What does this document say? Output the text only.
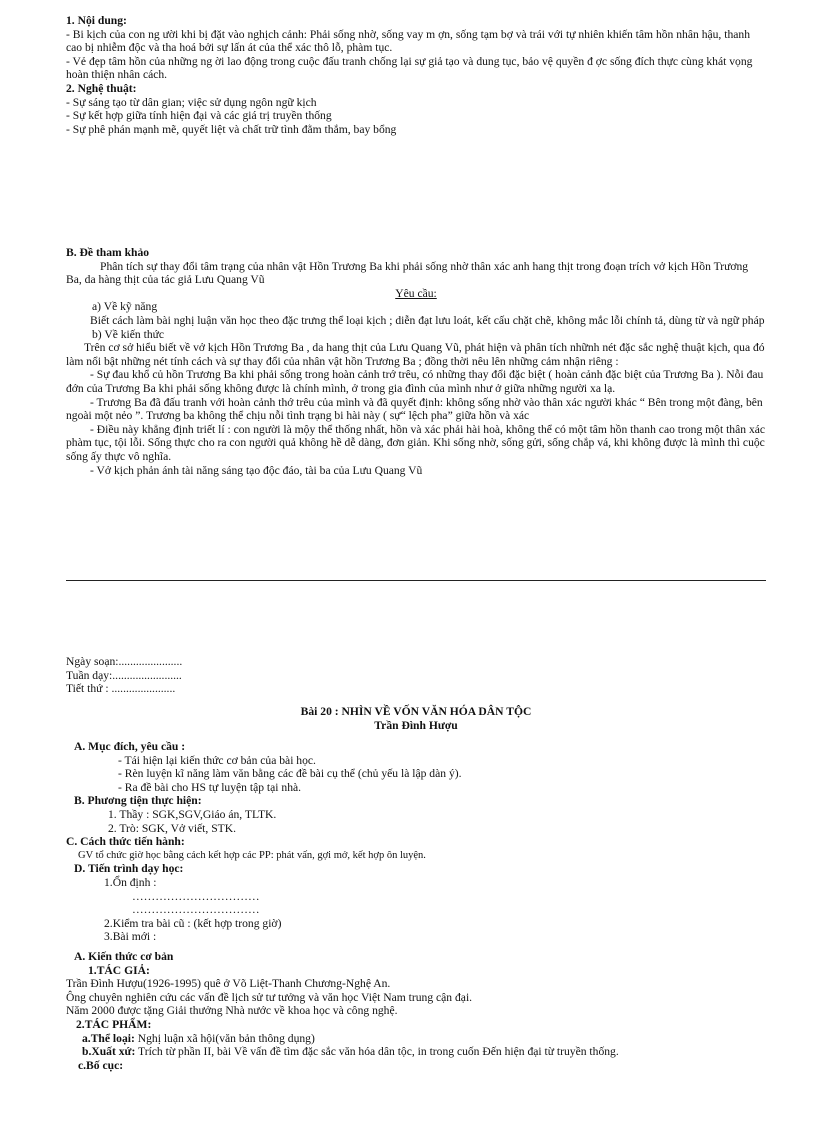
1. Nội dung:

- Bi kịch của con ng ười khi bị đặt vào nghịch cảnh: Phải sống nhờ, sống vay m ợn, sống tạm bợ và trái với tự nhiên khiến tâm hồn nhân hậu, thanh cao bị nhiễm độc và tha hoá bởi sự lấn át của thể xác thô lỗ, phàm tục.

- Vẻ đẹp tâm hồn của những ng ời lao động trong cuộc đấu tranh chống lại sự giả tạo và dung tục, bảo vệ quyền đ ợc sống đích thực cùng khát vọng hoàn thiện nhân cách.

2. Nghệ thuật:

- Sự sáng tạo từ dân gian; việc sử dụng ngôn ngữ kịch

- Sự kết hợp giữa tính hiện đại và các giá trị truyền thống

- Sự phê phán mạnh mẽ, quyết liệt và chất trữ tình đằm thắm, bay bổng

B. Đề tham khảo

Phân tích sự thay đổi tâm trạng của nhân vật Hồn Trương Ba khi phải sống nhờ thân xác anh hang thịt trong đoạn trích vở kịch Hồn Trương Ba, da hàng thịt của tác giả Lưu Quang Vũ

Yêu cầu:

a) Về kỹ năng

Biết cách làm bài nghị luận văn học theo đặc trưng thể loại kịch ; diễn đạt lưu loát, kết cấu chặt chẽ, không mắc lỗi chính tả, dùng từ và ngữ pháp

b) Về kiến thức

Trên cơ sở hiểu biết về vở kịch Hồn Trương Ba , da hang thịt của Lưu Quang Vũ, phát hiện và phân tích nhữnh nét đặc sắc nghệ thuật kịch, qua đó làm nổi bật những nét tính cách và sự thay đổi của nhân vật hồn Trương Ba ; đồng thời nêu lên những cảm nhận riêng :

- Sự đau khổ củ hồn Trương Ba khi phải sống trong hoàn cảnh trớ trêu, có những thay đổi đặc biệt ( hoàn cảnh đặc biệt của Trương Ba ). Nỗi đau đớn của Trương Ba khi phải sống không được là chính mình, ở trong gia đình của mình như ở giữa những người xa lạ.

- Trương Ba đã đấu tranh với hoàn cảnh thớ trêu của mình và đã quyết định: không sống nhờ vào thân xác người khác “ Bên trong một đàng, bên ngoài một nẻo ”. Trương ba không thể chịu nỗi tình trạng bi hài này ( sự“ lệch pha” giữa hồn và xác

- Điều này khẳng định triết lí : con người là mộy thể thống nhất, hồn và xác phải hài hoà, không thể có một tâm hồn thanh cao trong một thân xác phàm tục, tội lỗi. Sống thực cho ra con người quả không hề dễ dàng, đơn giản. Khi sống nhờ, sống gửi, sống chắp vá, khi không được là mình thì cuộc sống ấy thực vô nghĩa.

- Vở kịch phản ánh tài năng sáng tạo độc đáo, tài ba của Lưu Quang Vũ

Ngày soạn:......................

Tuần dạy:........................

Tiết thứ : ......................

Bài 20 : NHÌN VỀ VỐN VĂN HÓA DÂN TỘC

Trần Đình Hượu

A. Mục đích, yêu cầu :

- Tái hiện lại kiến thức cơ bản của bài học.

- Rèn luyện kĩ năng làm văn bằng các đề bài cụ thể (chủ yếu là lập dàn ý).

- Ra đề bài cho HS tự luyện tập tại nhà.

B. Phương tiện thực hiện:

1. Thầy : SGK,SGV,Giáo án, TLTK.

2. Trò: SGK, Vở viết, STK.

C. Cách thức tiến hành:

GV tổ chức giờ học bằng cách kết hợp các PP: phát vấn, gợi mở, kết hợp ôn luyện.

D. Tiến trình dạy học:

1.Ổn định :

……………………………

……………………………

2.Kiểm tra bài cũ : (kết hợp trong giờ)

3.Bài mới :

A. Kiến thức cơ bản

1.TÁC GIẢ:

Trần Đình Hượu(1926-1995) quê ở Võ Liệt-Thanh Chương-Nghệ An.

Ông chuyên nghiên cứu các vấn đề lịch sử tư tưởng và văn học Việt Nam trung cận đại.

Năm 2000 được tặng Giải thưởng Nhà nước về khoa học và công nghệ.

2.TÁC PHẨM:

a.Thể loại: Nghị luận xã hội(văn bản thông dụng)

b.Xuất xứ: Trích từ phần II, bài Về vấn đề tìm đặc sắc văn hóa dân tộc, in trong cuốn Đến hiện đại từ truyền thống.

c.Bố cục:
